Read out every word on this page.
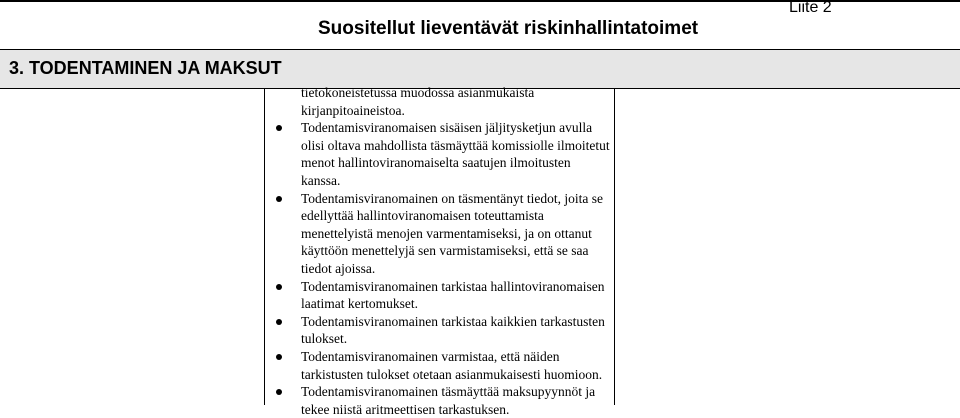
Liite 2
Suositellut lieventävät riskinhallintatoimet
3. TODENTAMINEN JA MAKSUT

tietokoneistetussa muodossa asianmukaista kirjanpitoaineistoa.

Todentamisviranomaisen sisäisen jäljitysketjun avulla olisi oltava mahdollista täsmäyttää komissiolle ilmoitetut menot hallintoviranomaiselta saatujen ilmoitusten kanssa.
Todentamisviranomainen on täsmentänyt tiedot, joita se edellyttää hallintoviranomaisen toteuttamista menettelyistä menojen varmentamiseksi, ja on ottanut käyttöön menettelyjä sen varmistamiseksi, että se saa tiedot ajoissa.
Todentamisviranomainen tarkistaa hallintoviranomaisen laatimat kertomukset.
Todentamisviranomainen tarkistaa kaikkien tarkastusten tulokset.
Todentamisviranomainen varmistaa, että näiden tarkistusten tulokset otetaan asianmukaisesti huomioon.
Todentamisviranomainen täsmäyttää maksupyynnöt ja tekee niistä aritmeettisen tarkastuksen.
